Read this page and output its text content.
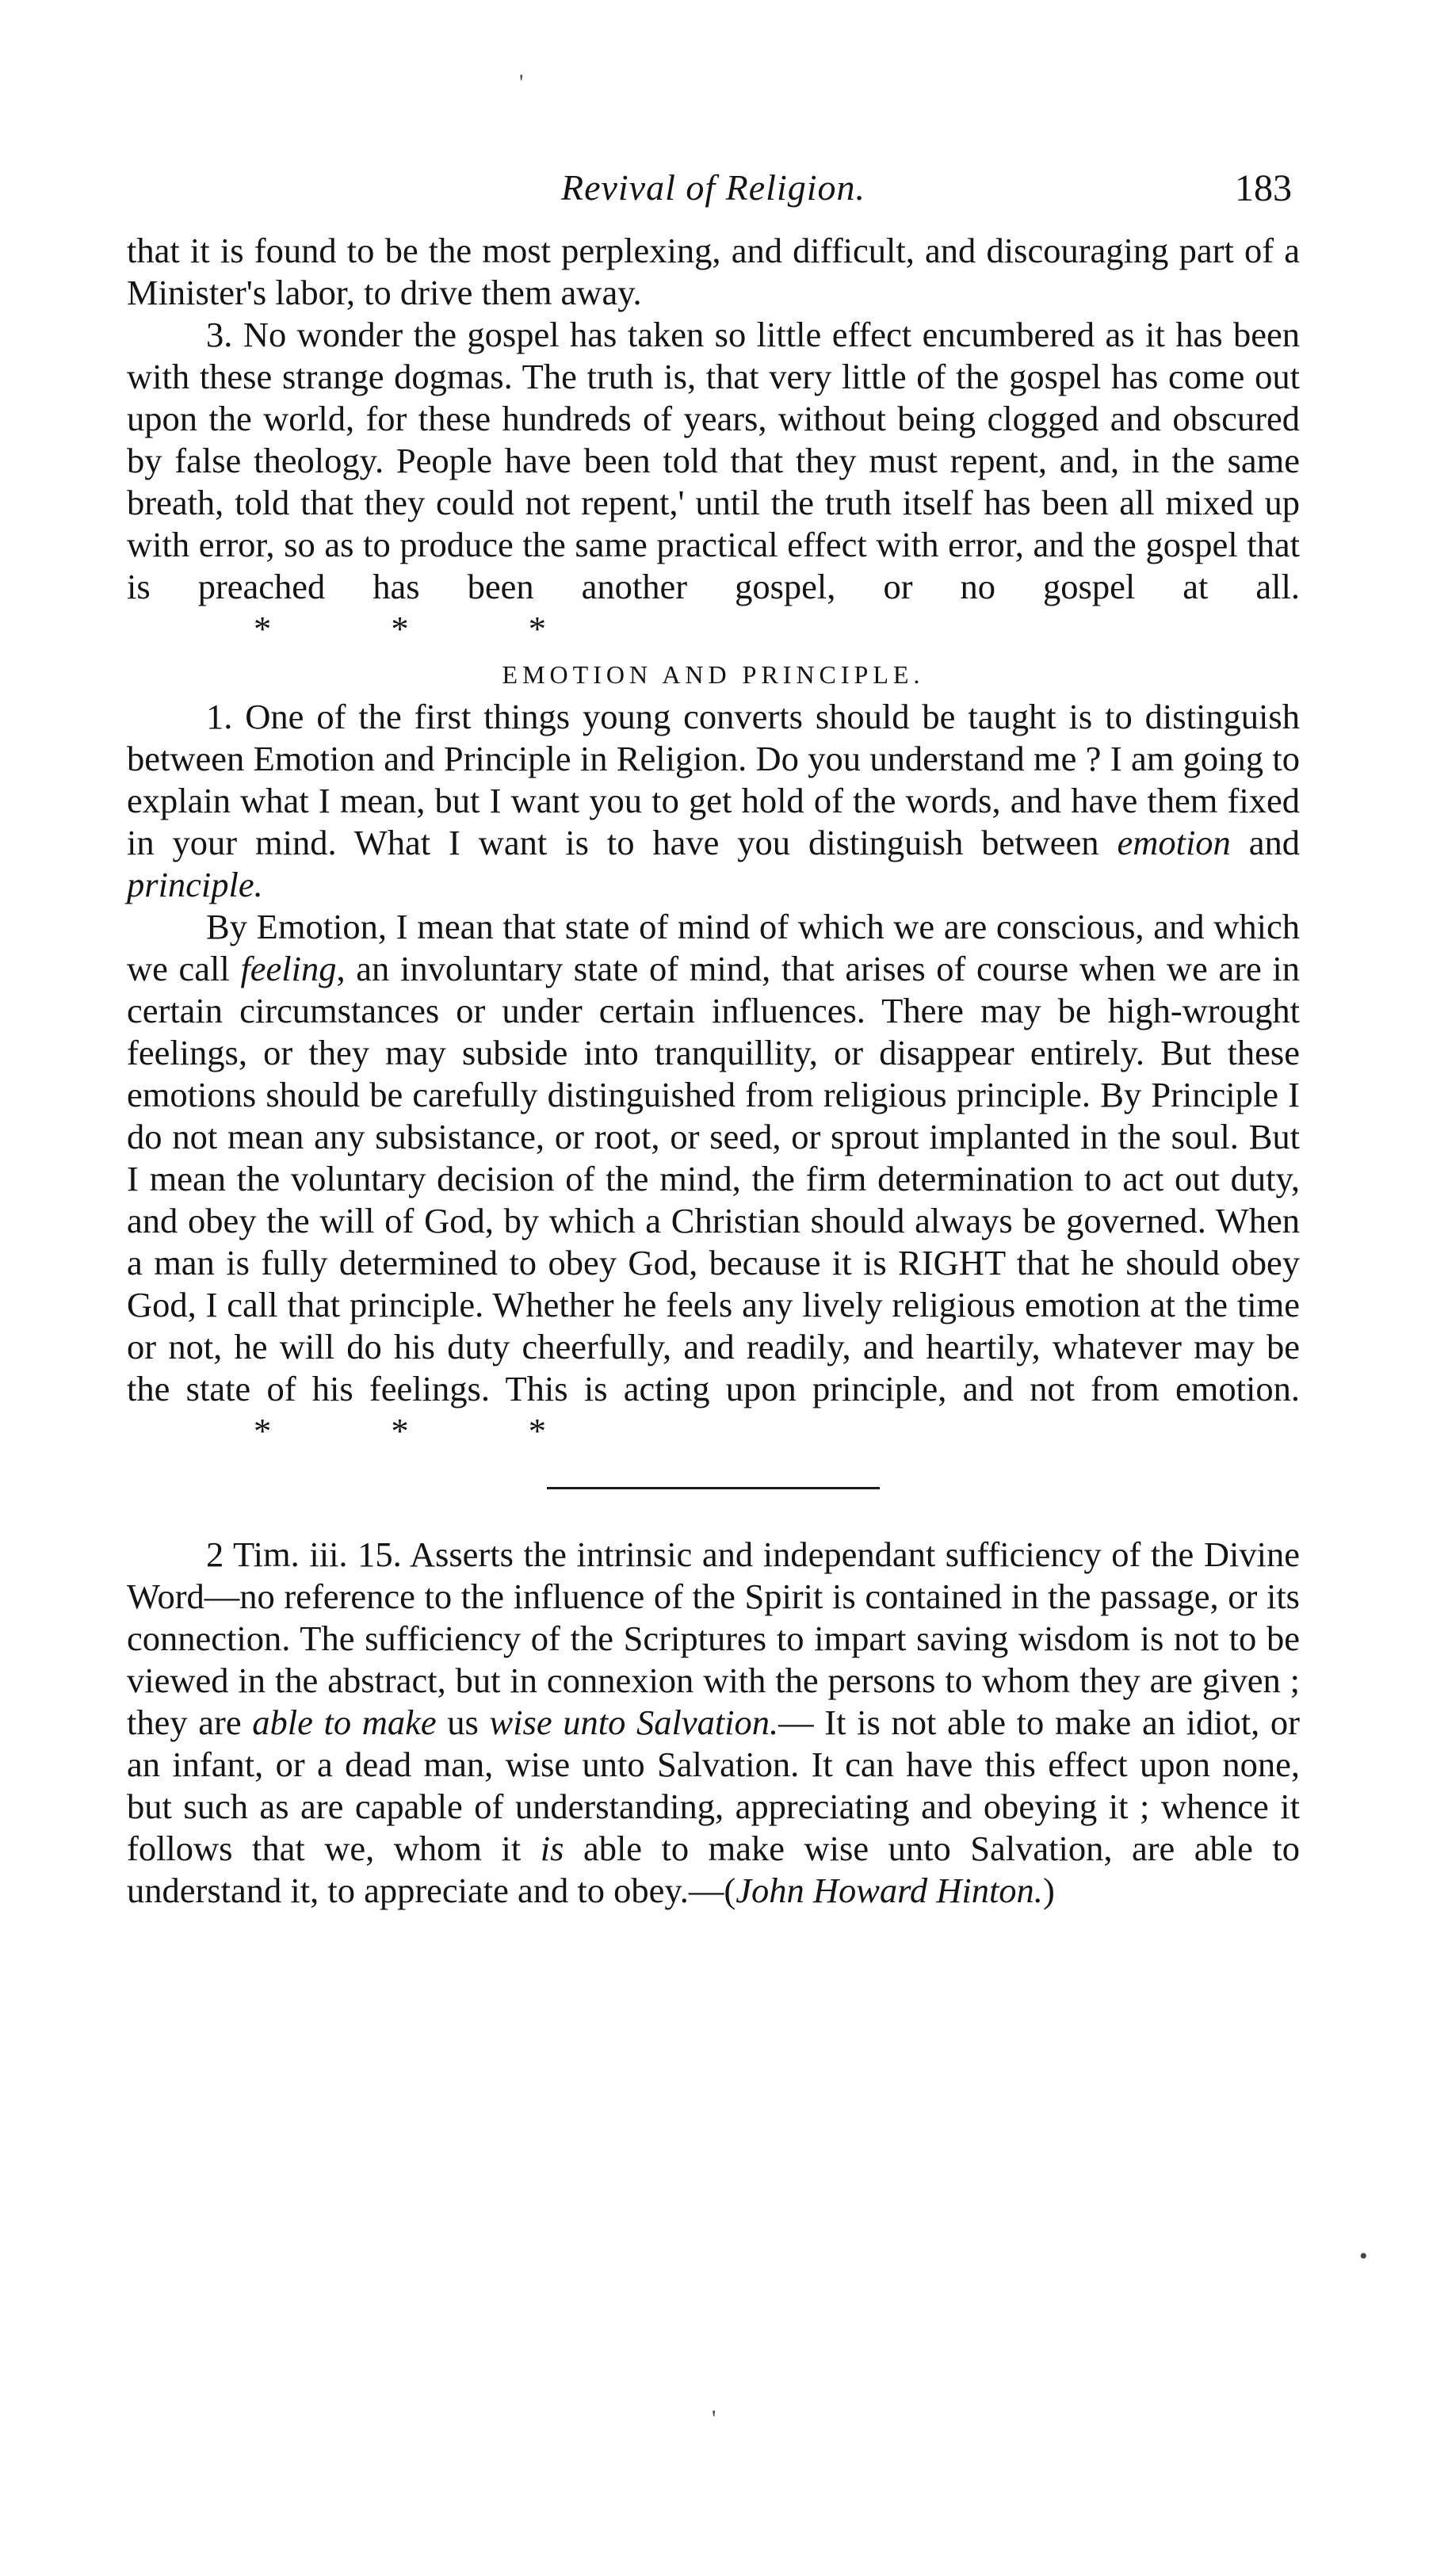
'
Revival of Religion.	183

that it is found to be the most perplexing, and difficult, and discouraging part of a Minister's labor, to drive them away.

3. No wonder the gospel has taken so little effect encumbered as it has been with these strange dogmas. The truth is, that very little of the gospel has come out upon the world, for these hundreds of years, without being clogged and obscured by false theology. People have been told that they must repent, and, in the same breath, told that they could not repent,' until the truth itself has been all mixed up with error, so as to produce the same practical effect with error, and the gospel that is preached has been another gospel, or no gospel at all.* * *

EMOTION AND PRINCIPLE.

1. One of the first things young converts should be taught is to distinguish between Emotion and Principle in Religion. Do you understand me ? I am going to explain what I mean, but I want you to get hold of the words, and have them fixed in your mind. What I want is to have you distinguish between emotion and principle.

By Emotion, I mean that state of mind of which we are conscious, and which we call feeling, an involuntary state of mind, that arises of course when we are in certain circumstances or under certain influences. There may be high-wrought feelings, or they may subside into tranquillity, or disappear entirely. But these emotions should be carefully distinguished from religious principle. By Principle I do not mean any subsistance, or root, or seed, or sprout implanted in the soul. But I mean the voluntary decision of the mind, the firm determination to act out duty, and obey the will of God, by which a Christian should always be governed. When a man is fully determined to obey God, because it is RIGHT that he should obey God, I call that principle. Whether he feels any lively religious emotion at the time or not, he will do his duty cheerfully, and readily, and heartily, whatever may be the state of his feelings. This is acting upon principle, and not from emotion.* * *

2 Tim. iii. 15. Asserts the intrinsic and independant sufficiency of the Divine Word—no reference to the influence of the Spirit is contained in the passage, or its connection. The sufficiency of the Scriptures to impart saving wisdom is not to be viewed in the abstract, but in connexion with the persons to whom they are given ; they are able to make us wise unto Salvation.— It is not able to make an idiot, or an infant, or a dead man, wise unto Salvation. It can have this effect upon none, but such as are capable of understanding, appreciating and obeying it ; whence it follows that we, whom it is able to make wise unto Salvation, are able to understand it, to appreciate and to obey.—(John Howard Hinton.)

•
'
